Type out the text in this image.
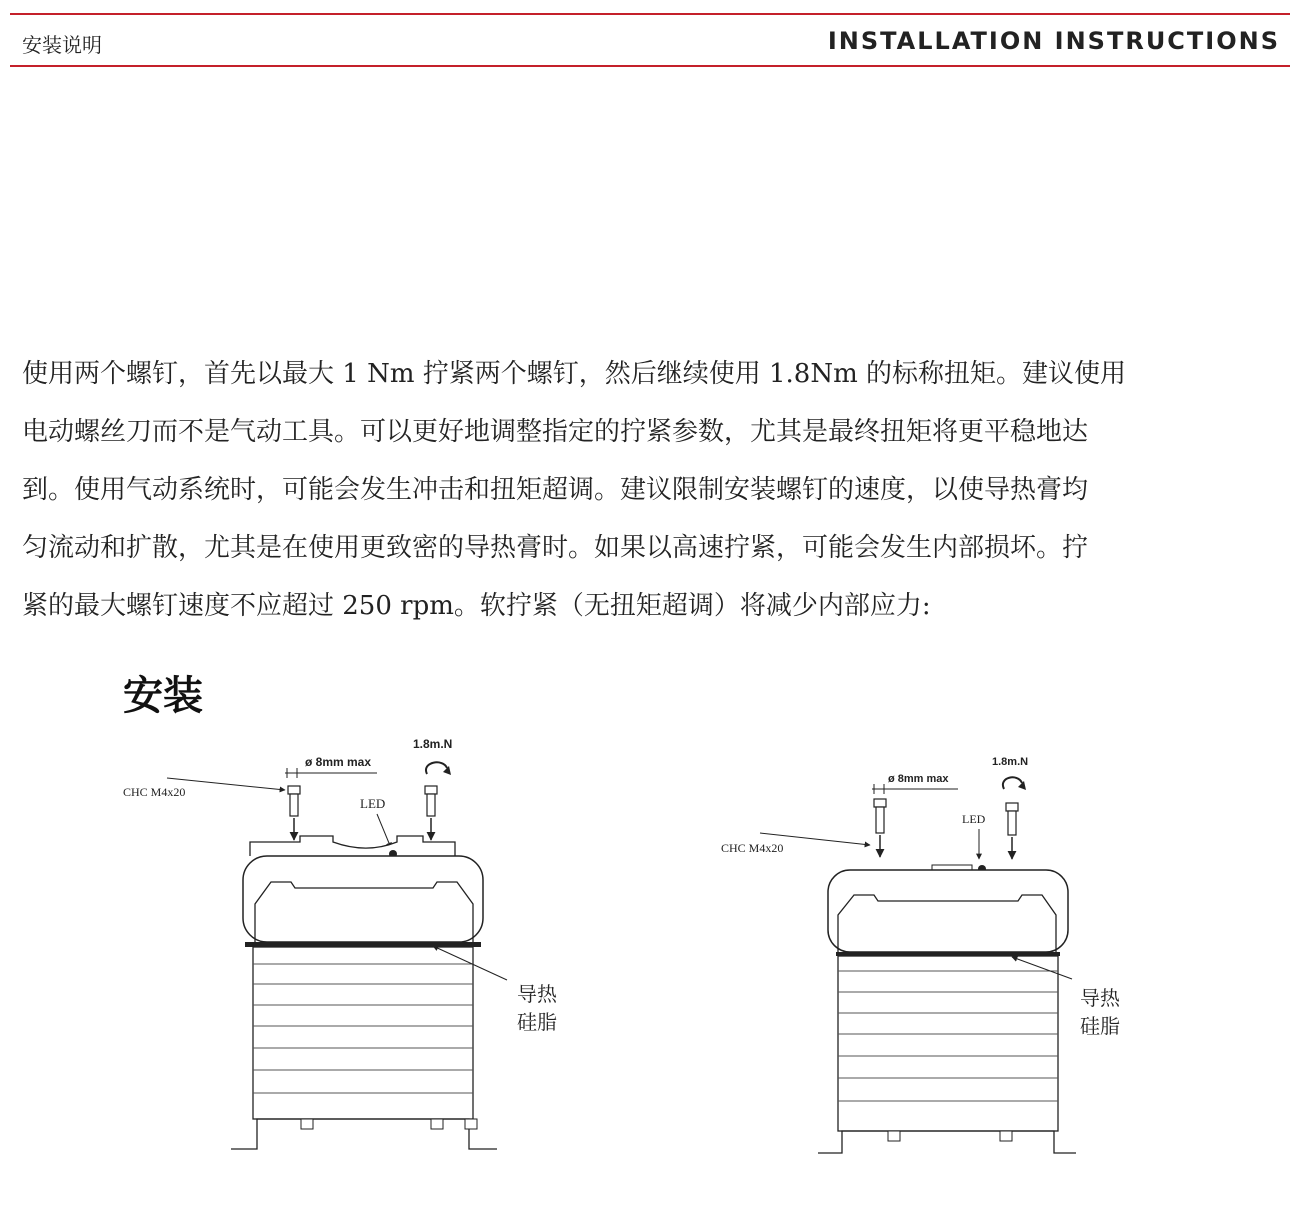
安装说明	INSTALLATION INSTRUCTIONS
使用两个螺钉，首先以最大 1 Nm 拧紧两个螺钉，然后继续使用 1.8Nm 的标称扭矩。建议使用
电动螺丝刀而不是气动工具。可以更好地调整指定的拧紧参数，尤其是最终扭矩将更平稳地达
到。使用气动系统时，可能会发生冲击和扭矩超调。建议限制安装螺钉的速度，以使导热膏均
匀流动和扩散，尤其是在使用更致密的导热膏时。如果以高速拧紧，可能会发生内部损坏。拧
紧的最大螺钉速度不应超过 250 rpm。软拧紧（无扭矩超调）将减少内部应力:
安装
1.8m.N
ø 8mm max
CHC M4x20
LED
导热
硅脂
1.8m.N
ø 8mm max
CHC M4x20
LED
导热
硅脂
